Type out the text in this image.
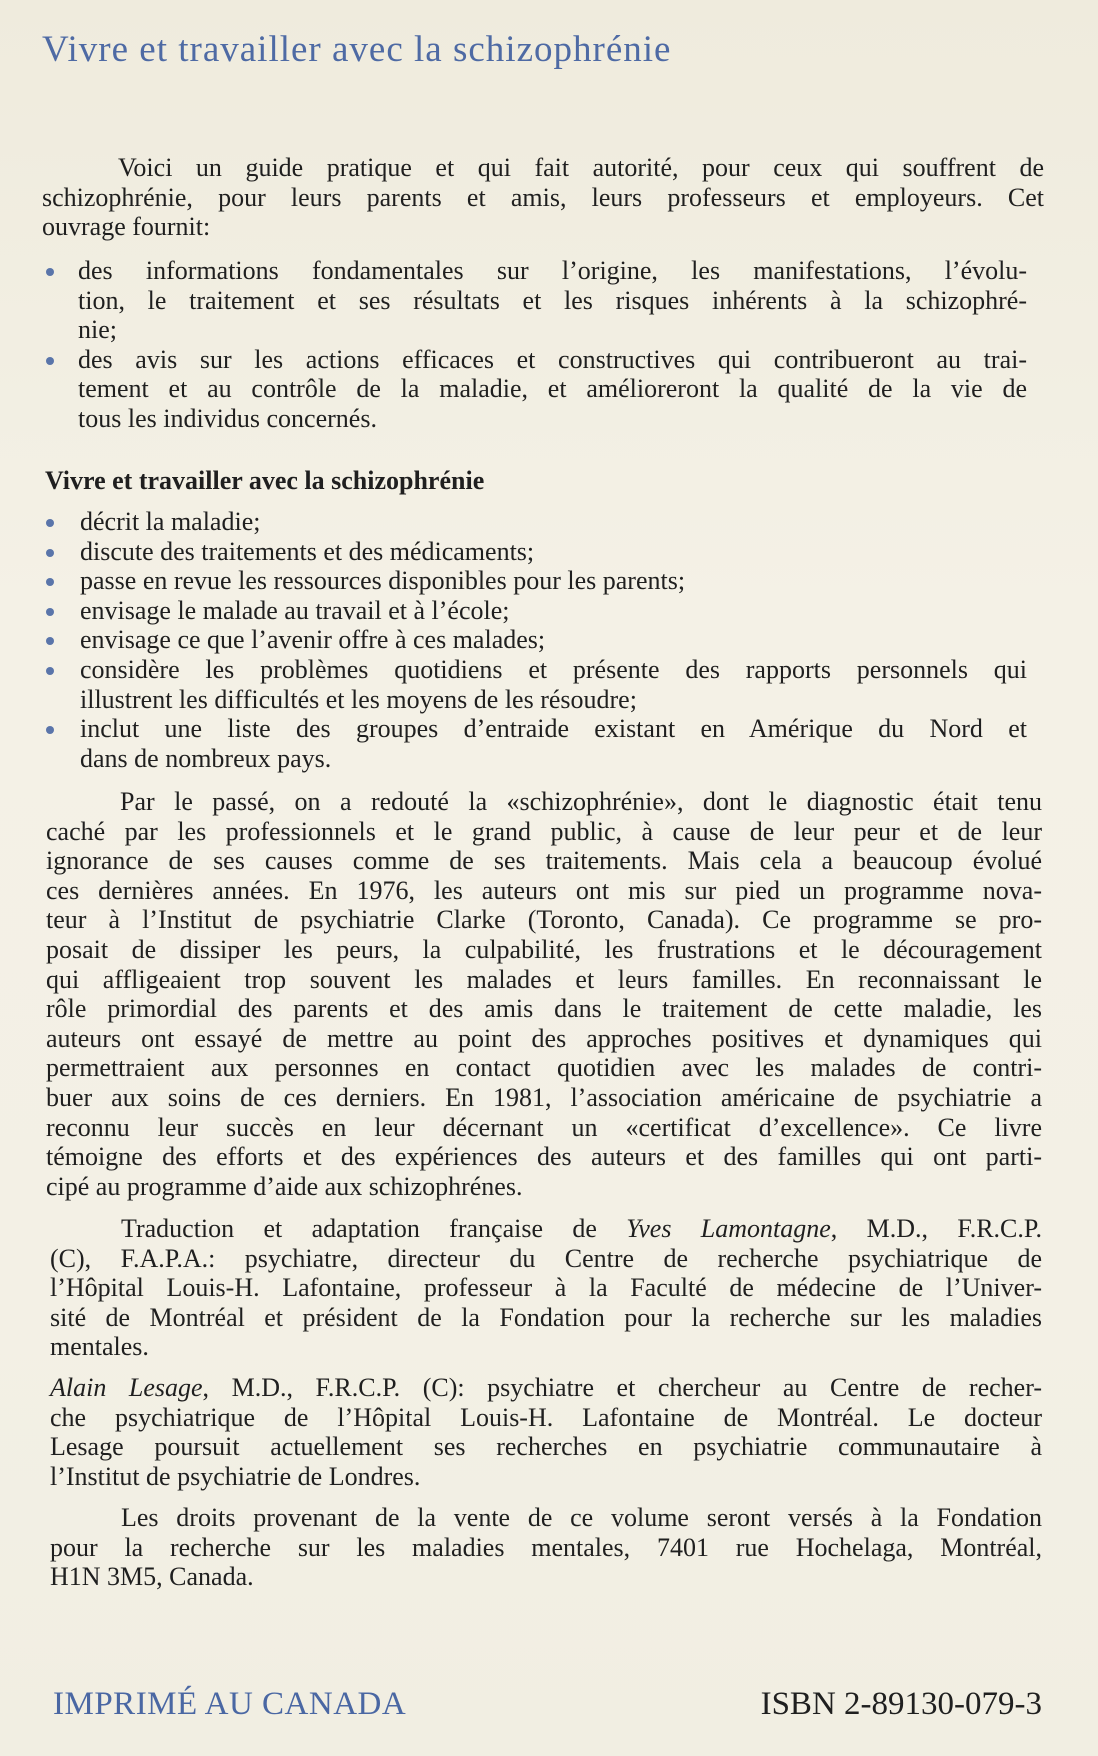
Vivre et travailler avec la schizophrénie
Voici un guide pratique et qui fait autorité, pour ceux qui souffrent de
schizophrénie, pour leurs parents et amis, leurs professeurs et employeurs. Cet
ouvrage fournit:
des informations fondamentales sur l’origine, les manifestations, l’évolu-
tion, le traitement et ses résultats et les risques inhérents à la schizophré-
nie;
des avis sur les actions efficaces et constructives qui contribueront au trai-
tement et au contrôle de la maladie, et amélioreront la qualité de la vie de
tous les individus concernés.
Vivre et travailler avec la schizophrénie
décrit la maladie;
discute des traitements et des médicaments;
passe en revue les ressources disponibles pour les parents;
envisage le malade au travail et à l’école;
envisage ce que l’avenir offre à ces malades;
considère les problèmes quotidiens et présente des rapports personnels qui
illustrent les difficultés et les moyens de les résoudre;
inclut une liste des groupes d’entraide existant en Amérique du Nord et
dans de nombreux pays.
Par le passé, on a redouté la «schizophrénie», dont le diagnostic était tenu
caché par les professionnels et le grand public, à cause de leur peur et de leur
ignorance de ses causes comme de ses traitements. Mais cela a beaucoup évolué
ces dernières années. En 1976, les auteurs ont mis sur pied un programme nova-
teur à l’Institut de psychiatrie Clarke (Toronto, Canada). Ce programme se pro-
posait de dissiper les peurs, la culpabilité, les frustrations et le découragement
qui affligeaient trop souvent les malades et leurs familles. En reconnaissant le
rôle primordial des parents et des amis dans le traitement de cette maladie, les
auteurs ont essayé de mettre au point des approches positives et dynamiques qui
permettraient aux personnes en contact quotidien avec les malades de contri-
buer aux soins de ces derniers. En 1981, l’association américaine de psychiatrie a
reconnu leur succès en leur décernant un «certificat d’excellence». Ce livre
témoigne des efforts et des expériences des auteurs et des familles qui ont parti-
cipé au programme d’aide aux schizophrénes.
Traduction et adaptation française de Yves Lamontagne, M.D., F.R.C.P.
(C), F.A.P.A.: psychiatre, directeur du Centre de recherche psychiatrique de
l’Hôpital Louis-H. Lafontaine, professeur à la Faculté de médecine de l’Univer-
sité de Montréal et président de la Fondation pour la recherche sur les maladies
mentales.
Alain Lesage, M.D., F.R.C.P. (C): psychiatre et chercheur au Centre de recher-
che psychiatrique de l’Hôpital Louis-H. Lafontaine de Montréal. Le docteur
Lesage poursuit actuellement ses recherches en psychiatrie communautaire à
l’Institut de psychiatrie de Londres.
Les droits provenant de la vente de ce volume seront versés à la Fondation
pour la recherche sur les maladies mentales, 7401 rue Hochelaga, Montréal,
H1N 3M5, Canada.
IMPRIMÉ AU CANADA	ISBN 2-89130-079-3
